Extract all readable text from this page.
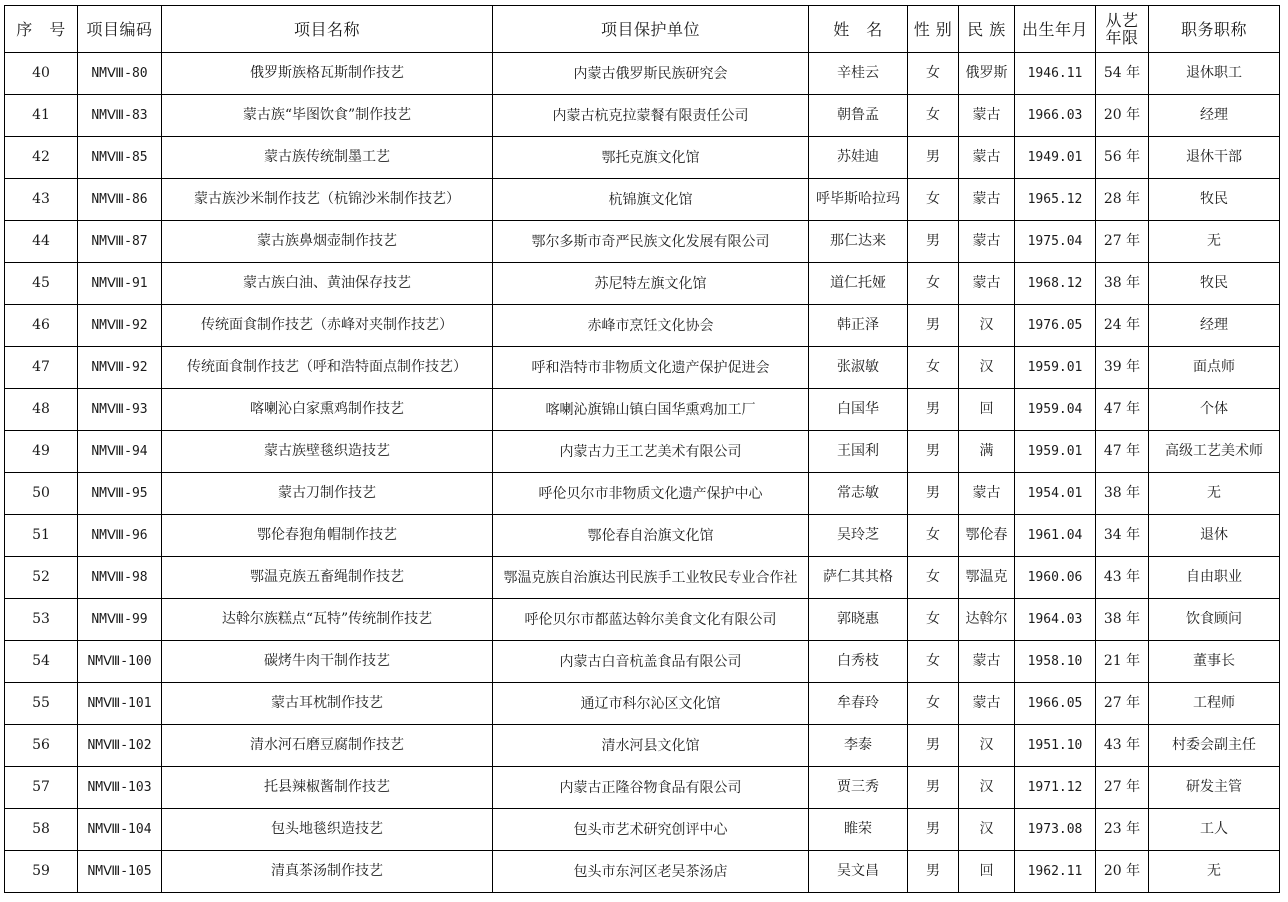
序　号	项目编码	项目名称	项目保护单位	姓　名	性 别	民 族	出生年月	从艺年限	职务职称
40	NMⅧ-80	俄罗斯族格瓦斯制作技艺	内蒙古俄罗斯民族研究会	辛桂云	女	俄罗斯	1946.11	54 年	退休职工
41	NMⅧ-83	蒙古族“毕图饮食”制作技艺	内蒙古杭克拉蒙餐有限责任公司	朝鲁孟	女	蒙古	1966.03	20 年	经理
42	NMⅧ-85	蒙古族传统制墨工艺	鄂托克旗文化馆	苏娃迪	男	蒙古	1949.01	56 年	退休干部
43	NMⅧ-86	蒙古族沙米制作技艺（杭锦沙米制作技艺）	杭锦旗文化馆	呼毕斯哈拉玛	女	蒙古	1965.12	28 年	牧民
44	NMⅧ-87	蒙古族鼻烟壶制作技艺	鄂尔多斯市奇严民族文化发展有限公司	那仁达来	男	蒙古	1975.04	27 年	无
45	NMⅧ-91	蒙古族白油、黄油保存技艺	苏尼特左旗文化馆	道仁托娅	女	蒙古	1968.12	38 年	牧民
46	NMⅧ-92	传统面食制作技艺（赤峰对夹制作技艺）	赤峰市烹饪文化协会	韩正泽	男	汉	1976.05	24 年	经理
47	NMⅧ-92	传统面食制作技艺（呼和浩特面点制作技艺）	呼和浩特市非物质文化遗产保护促进会	张淑敏	女	汉	1959.01	39 年	面点师
48	NMⅧ-93	喀喇沁白家熏鸡制作技艺	喀喇沁旗锦山镇白国华熏鸡加工厂	白国华	男	回	1959.04	47 年	个体
49	NMⅧ-94	蒙古族壁毯织造技艺	内蒙古力王工艺美术有限公司	王国利	男	满	1959.01	47 年	高级工艺美术师
50	NMⅧ-95	蒙古刀制作技艺	呼伦贝尔市非物质文化遗产保护中心	常志敏	男	蒙古	1954.01	38 年	无
51	NMⅧ-96	鄂伦春狍角帽制作技艺	鄂伦春自治旗文化馆	吴玲芝	女	鄂伦春	1961.04	34 年	退休
52	NMⅧ-98	鄂温克族五畜绳制作技艺	鄂温克族自治旗达刊民族手工业牧民专业合作社	萨仁其其格	女	鄂温克	1960.06	43 年	自由职业
53	NMⅧ-99	达斡尔族糕点“瓦特”传统制作技艺	呼伦贝尔市都蓝达斡尔美食文化有限公司	郭晓惠	女	达斡尔	1964.03	38 年	饮食顾问
54	NMⅧ-100	碳烤牛肉干制作技艺	内蒙古白音杭盖食品有限公司	白秀枝	女	蒙古	1958.10	21 年	董事长
55	NMⅧ-101	蒙古耳枕制作技艺	通辽市科尔沁区文化馆	牟春玲	女	蒙古	1966.05	27 年	工程师
56	NMⅧ-102	清水河石磨豆腐制作技艺	清水河县文化馆	李泰	男	汉	1951.10	43 年	村委会副主任
57	NMⅧ-103	托县辣椒酱制作技艺	内蒙古正隆谷物食品有限公司	贾三秀	男	汉	1971.12	27 年	研发主管
58	NMⅧ-104	包头地毯织造技艺	包头市艺术研究创评中心	睢荣	男	汉	1973.08	23 年	工人
59	NMⅧ-105	清真茶汤制作技艺	包头市东河区老吴茶汤店	吴文昌	男	回	1962.11	20 年	无
